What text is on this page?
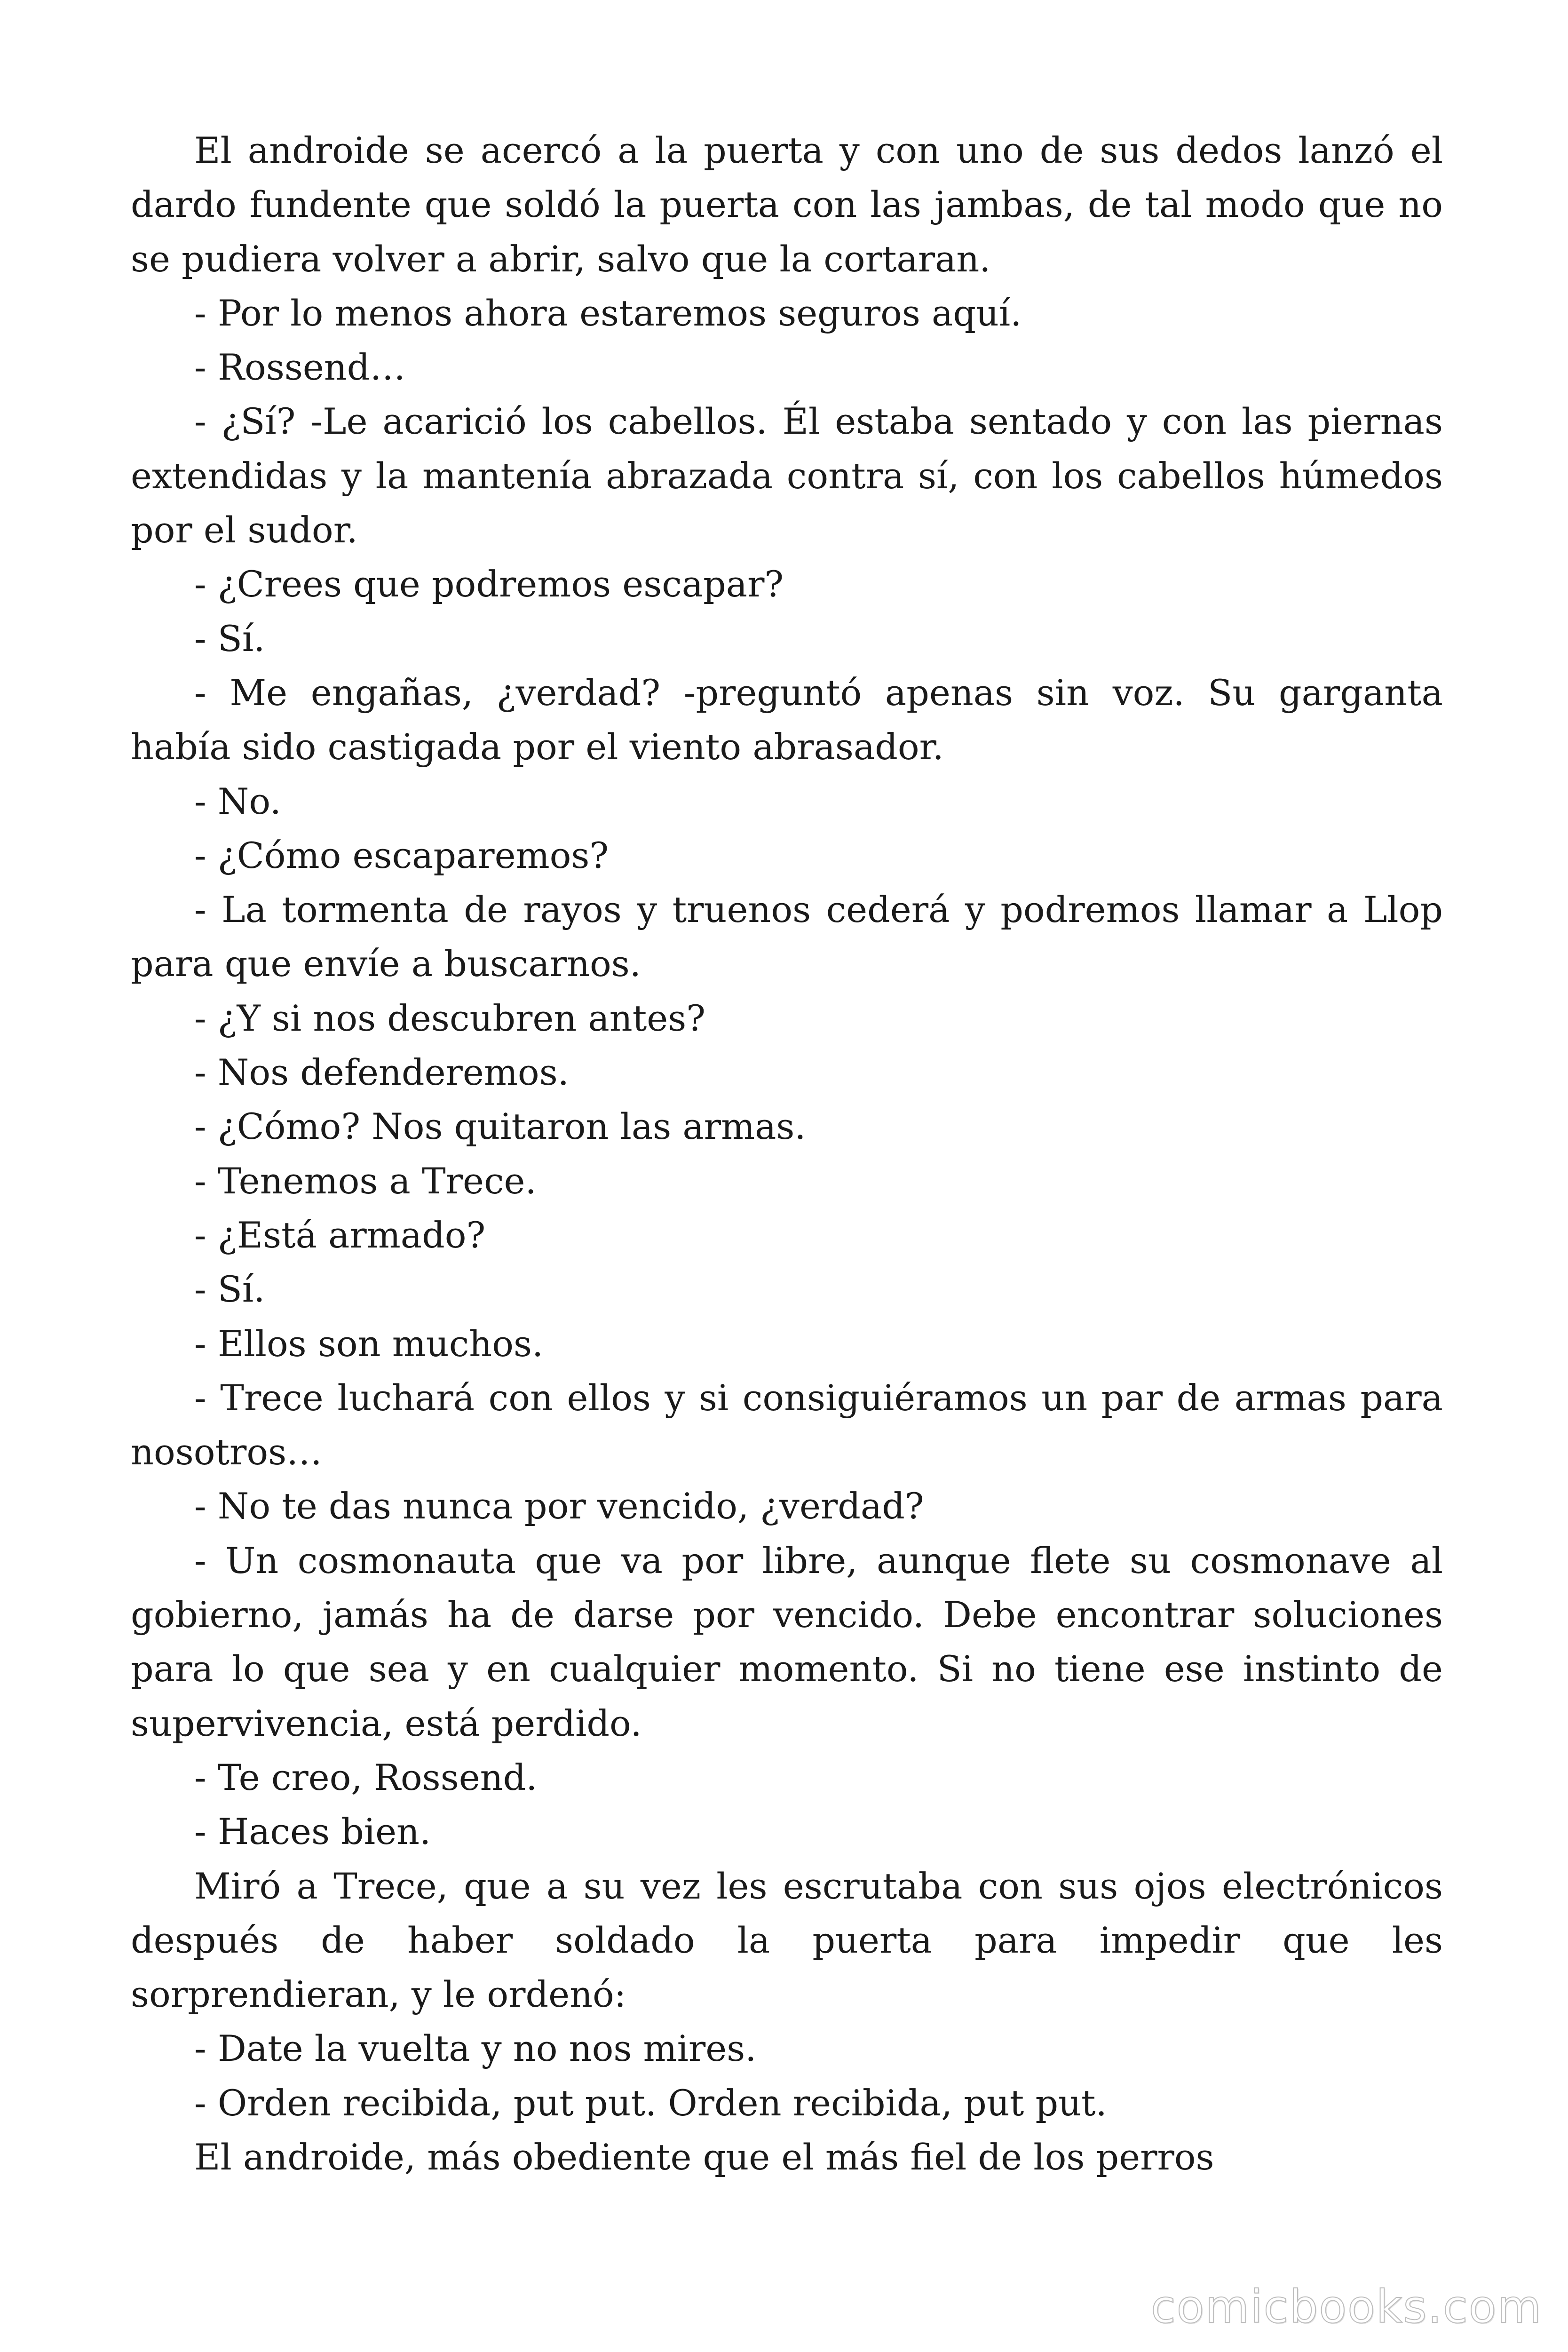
El androide se acercó a la puerta y con uno de sus dedos lanzó el dardo fundente que soldó la puerta con las jambas, de tal modo que no se pudiera volver a abrir, salvo que la cortaran.

- Por lo menos ahora estaremos seguros aquí.

- Rossend…

- ¿Sí? -Le acarició los cabellos. Él estaba sentado y con las piernas extendidas y la mantenía abrazada contra sí, con los cabellos húmedos por el sudor.

- ¿Crees que podremos escapar?

- Sí.

- Me engañas, ¿verdad? -preguntó apenas sin voz. Su garganta había sido castigada por el viento abrasador.

- No.

- ¿Cómo escaparemos?

- La tormenta de rayos y truenos cederá y podremos llamar a Llop para que envíe a buscarnos.

- ¿Y si nos descubren antes?

- Nos defenderemos.

- ¿Cómo? Nos quitaron las armas.

- Tenemos a Trece.

- ¿Está armado?

- Sí.

- Ellos son muchos.

- Trece luchará con ellos y si consiguiéramos un par de armas para nosotros…

- No te das nunca por vencido, ¿verdad?

- Un cosmonauta que va por libre, aunque flete su cosmonave al gobierno, jamás ha de darse por vencido. Debe encontrar soluciones para lo que sea y en cualquier momento. Si no tiene ese instinto de supervivencia, está perdido.

- Te creo, Rossend.

- Haces bien.

Miró a Trece, que a su vez les escrutaba con sus ojos electrónicos después de haber soldado la puerta para impedir que les sorprendieran, y le ordenó:

- Date la vuelta y no nos mires.

- Orden recibida, put put. Orden recibida, put put.

El androide, más obediente que el más fiel de los perros

comicbooks.com
